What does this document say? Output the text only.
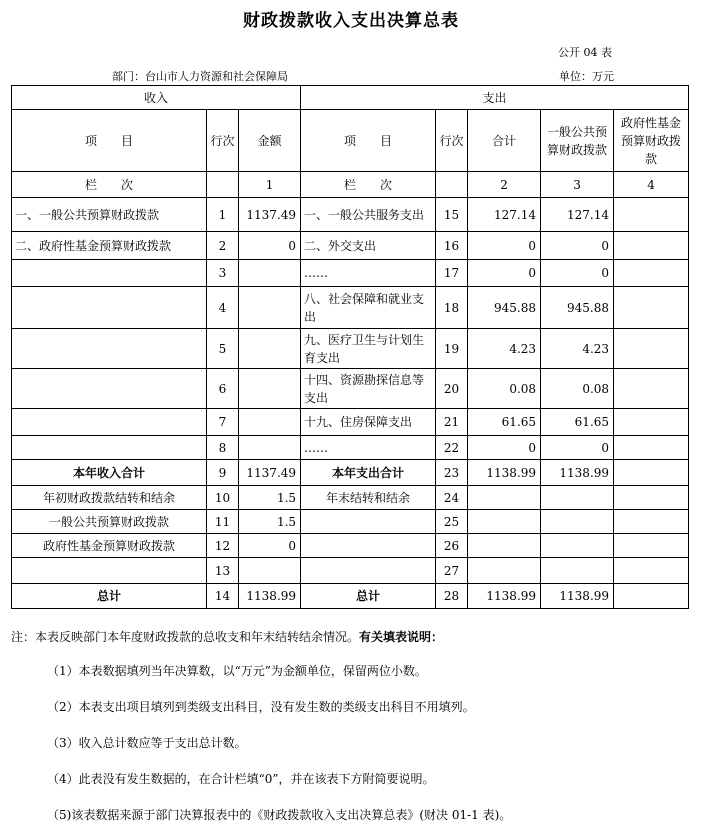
财政拨款收入支出决算总表
公开 04 表
部门：台山市人力资源和社会保障局	单位：万元
收入			支出				
项　　目	行次	金额	项　　目	行次	合计	一般公共预算财政拨款	政府性基金预算财政拨款
栏　　次		1	栏　　次		2	3	4
一、一般公共预算财政拨款	1	1137.49	一、一般公共服务支出	15	127.14	127.14	
二、政府性基金预算财政拨款	2	0	二、外交支出	16	0	0	
	3		……	17	0	0	
	4		八、社会保障和就业支出	18	945.88	945.88	
	5		九、医疗卫生与计划生育支出	19	4.23	4.23	
	6		十四、资源勘探信息等支出	20	0.08	0.08	
	7		十九、住房保障支出	21	61.65	61.65	
	8		……	22	0	0	
本年收入合计	9	1137.49	本年支出合计	23	1138.99	1138.99	
年初财政拨款结转和结余	10	1.5	年末结转和结余	24			
一般公共预算财政拨款	11	1.5		25			
政府性基金预算财政拨款	12	0		26			
	13			27			
总计	14	1138.99	总计	28	1138.99	1138.99	

注：本表反映部门本年度财政拨款的总收支和年末结转结余情况。有关填表说明：

（1）本表数据填列当年决算数，以“万元”为金额单位，保留两位小数。

（2）本表支出项目填列到类级支出科目，没有发生数的类级支出科目不用填列。

（3）收入总计数应等于支出总计数。

（4）此表没有发生数据的，在合计栏填“0”，并在该表下方附简要说明。

（5)该表数据来源于部门决算报表中的《财政拨款收入支出决算总表》(财决 01-1 表)。
